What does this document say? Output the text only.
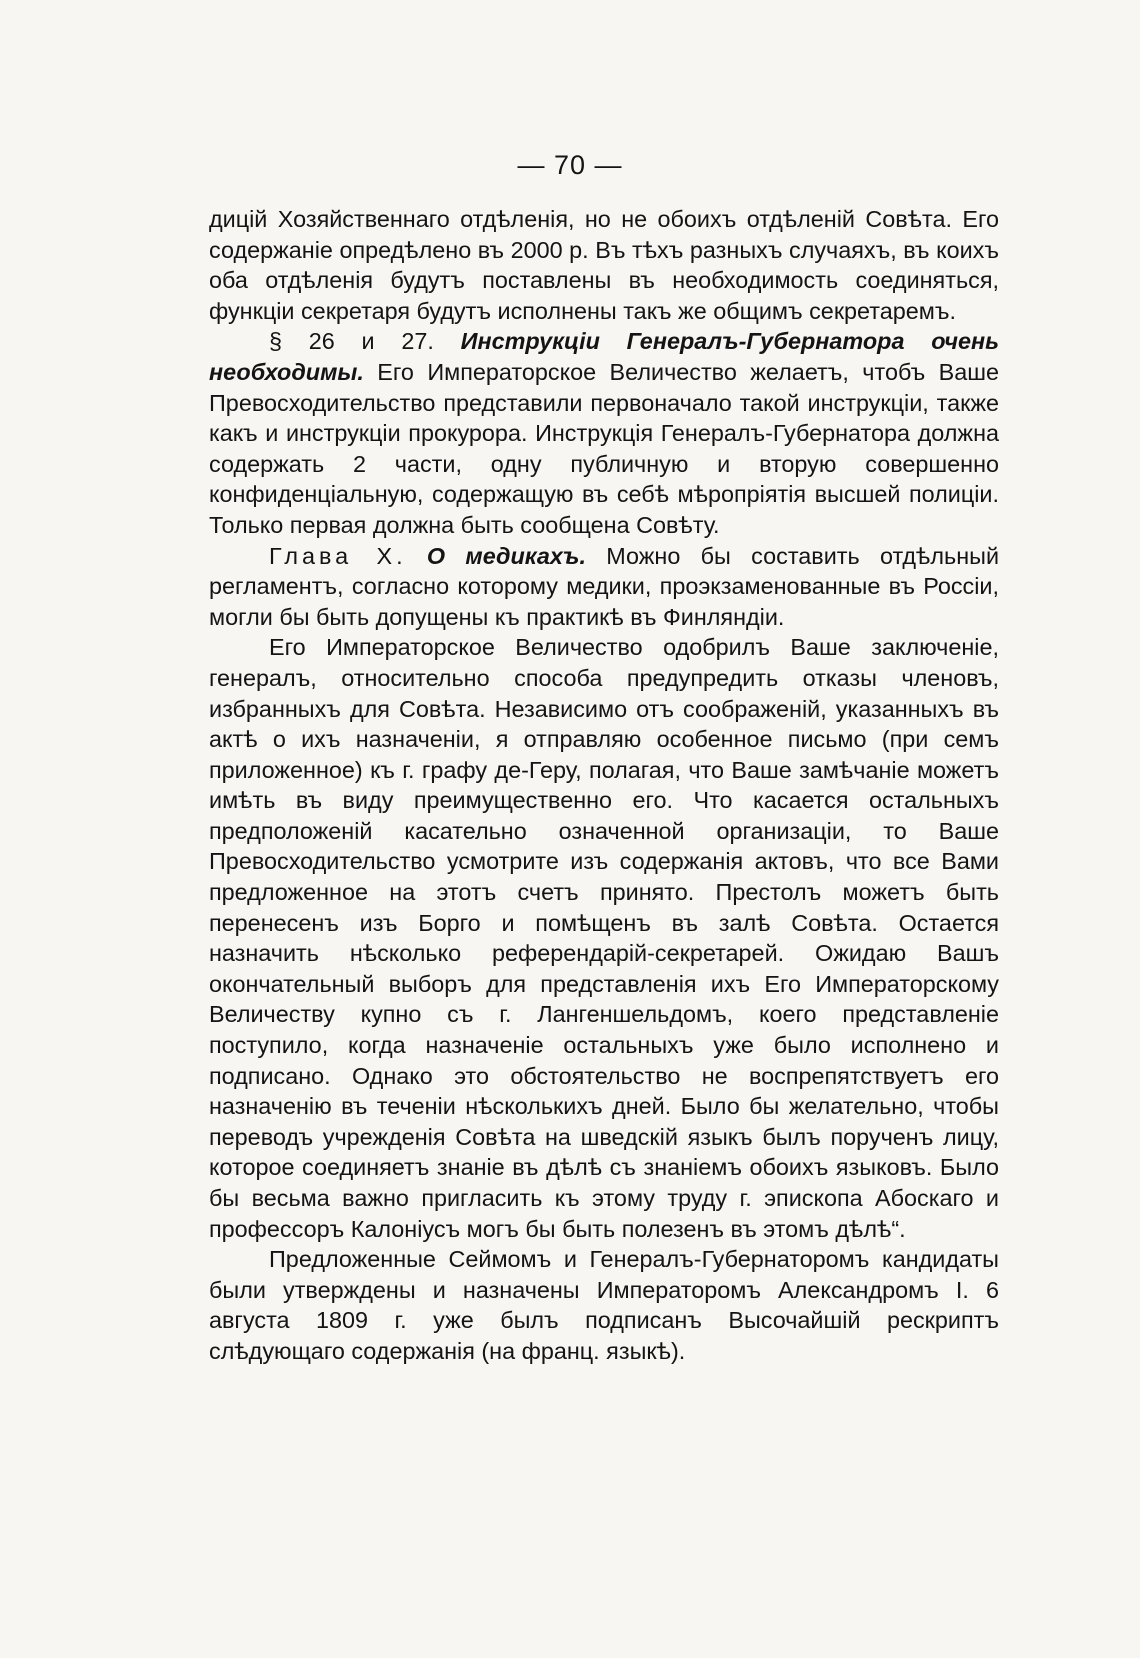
— 70 —

дицій Хозяйственнаго отдѣленія, но не обоихъ отдѣленій Совѣта. Его содержаніе опредѣлено въ 2000 р. Въ тѣхъ разныхъ случаяхъ, въ коихъ оба отдѣленія будутъ поставлены въ необходимость соединяться, функціи секретаря будутъ исполнены такъ же общимъ секретаремъ.

§ 26 и 27. Инструкціи Генералъ-Губернатора очень необходимы. Его Императорское Величество желаетъ, чтобъ Ваше Превосходительство представили первоначало такой инструкціи, также какъ и инструкціи прокурора. Инструкція Генералъ-Губернатора должна содержать 2 части, одну публичную и вторую совершенно конфиденціальную, содержащую въ себѣ мѣропріятія высшей полиціи. Только первая должна быть сообщена Совѣту.

Глава X. О медикахъ. Можно бы составить отдѣльный регламентъ, согласно которому медики, проэкзаменованные въ Россіи, могли бы быть допущены къ практикѣ въ Финляндіи.

Его Императорское Величество одобрилъ Ваше заключеніе, генералъ, относительно способа предупредить отказы членовъ, избранныхъ для Совѣта. Независимо отъ соображеній, указанныхъ въ актѣ о ихъ назначеніи, я отправляю особенное письмо (при семъ приложенное) къ г. графу де-Геру, полагая, что Ваше замѣчаніе можетъ имѣть въ виду преимущественно его. Что касается остальныхъ предположеній касательно означенной организаціи, то Ваше Превосходительство усмотрите изъ содержанія актовъ, что все Вами предложенное на этотъ счетъ принято. Престолъ можетъ быть перенесенъ изъ Борго и помѣщенъ въ залѣ Совѣта. Остается назначить нѣсколько референдарій-секретарей. Ожидаю Вашъ окончательный выборъ для представленія ихъ Его Императорскому Величеству купно съ г. Лангеншельдомъ, коего представленіе поступило, когда назначеніе остальныхъ уже было исполнено и подписано. Однако это обстоятельство не воспрепятствуетъ его назначенію въ теченіи нѣсколькихъ дней. Было бы желательно, чтобы переводъ учрежденія Совѣта на шведскій языкъ былъ порученъ лицу, которое соединяетъ знаніе въ дѣлѣ съ знаніемъ обоихъ языковъ. Было бы весьма важно пригласить къ этому труду г. эпископа Абоскаго и профессоръ Калоніусъ могъ бы быть полезенъ въ этомъ дѣлѣ“.

Предложенные Сеймомъ и Генералъ-Губернаторомъ кандидаты были утверждены и назначены Императоромъ Александромъ I. 6 августа 1809 г. уже былъ подписанъ Высочайшій рескриптъ слѣдующаго содержанія (на франц. языкѣ).
